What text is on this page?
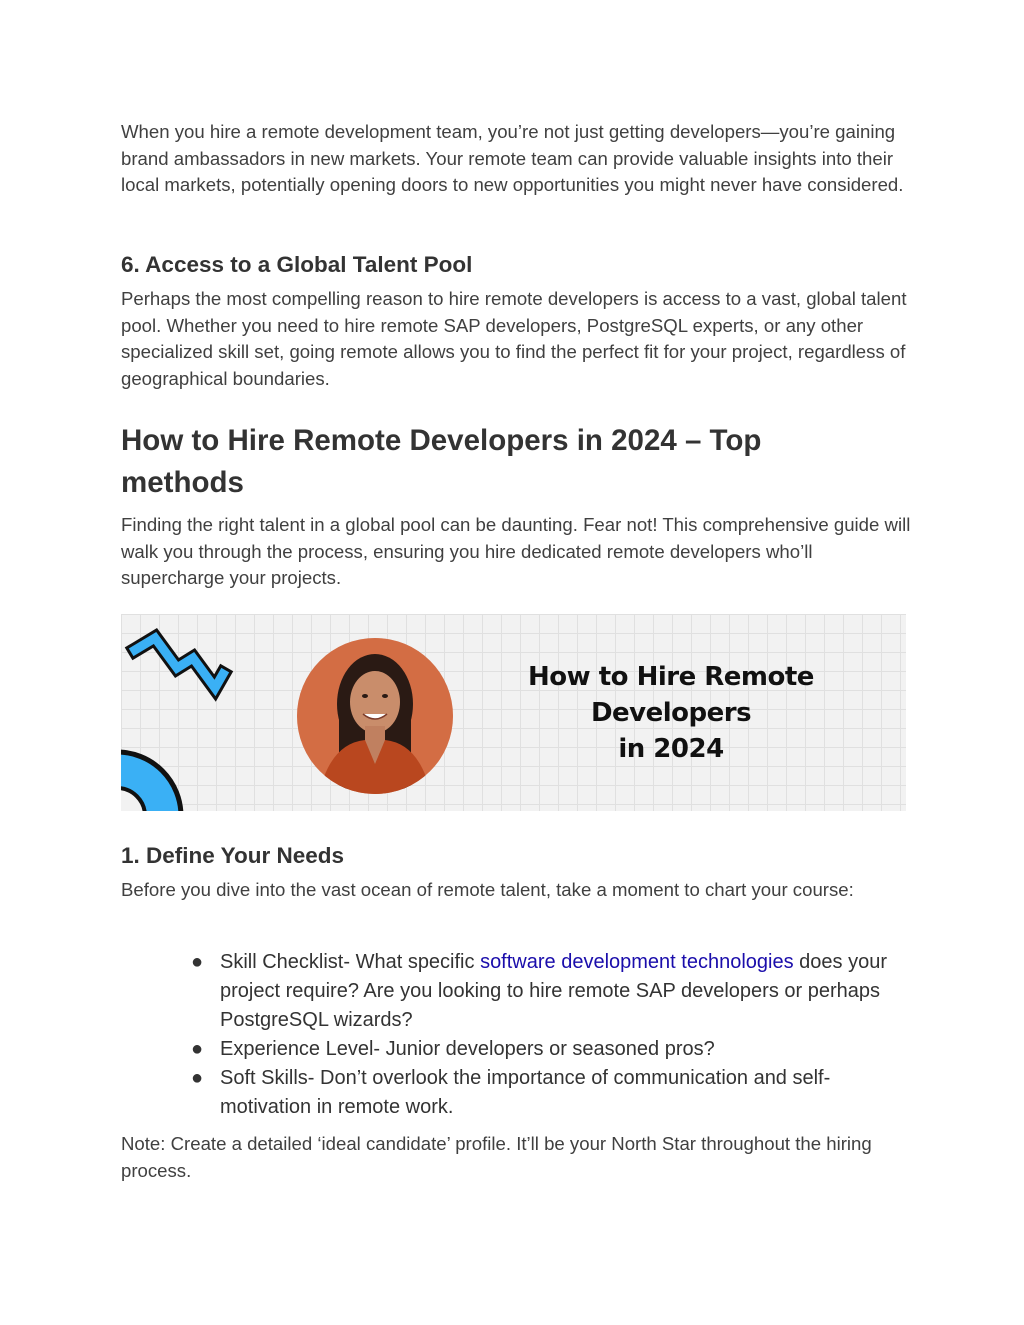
When you hire a remote development team, you’re not just getting developers—you’re gaining brand ambassadors in new markets. Your remote team can provide valuable insights into their local markets, potentially opening doors to new opportunities you might never have considered.

6. Access to a Global Talent Pool

Perhaps the most compelling reason to hire remote developers is access to a vast, global talent pool. Whether you need to hire remote SAP developers, PostgreSQL experts, or any other specialized skill set, going remote allows you to find the perfect fit for your project, regardless of geographical boundaries.

How to Hire Remote Developers in 2024 – Top methods

Finding the right talent in a global pool can be daunting. Fear not! This comprehensive guide will walk you through the process, ensuring you hire dedicated remote developers who’ll supercharge your projects.

How to Hire Remote
Developers
in 2024
1. Define Your Needs

Before you dive into the vast ocean of remote talent, take a moment to chart your course:

● Skill Checklist- What specific software development technologies does your project require? Are you looking to hire remote SAP developers or perhaps PostgreSQL wizards?
● Experience Level- Junior developers or seasoned pros?
● Soft Skills- Don’t overlook the importance of communication and self-motivation in remote work.

Note: Create a detailed ‘ideal candidate’ profile. It’ll be your North Star throughout the hiring process.
